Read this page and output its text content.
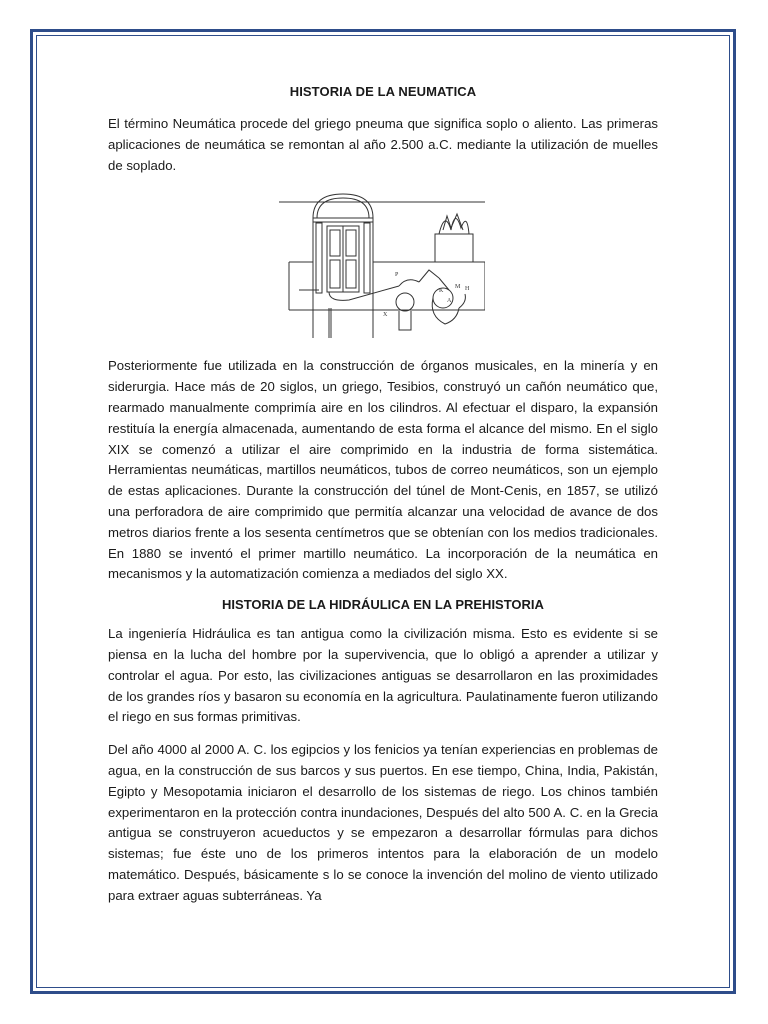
HISTORIA DE LA NEUMATICA

El término Neumática procede del griego pneuma que significa soplo o aliento. Las primeras aplicaciones de neumática se remontan al año 2.500 a.C. mediante la utilización de muelles de soplado.

P
M
X
A
K	H

Posteriormente fue utilizada en la construcción de órganos musicales, en la minería y en siderurgia. Hace más de 20 siglos, un griego, Tesibios, construyó un cañón neumático que, rearmado manualmente comprimía aire en los cilindros. Al efectuar el disparo, la expansión restituía la energía almacenada, aumentando de esta forma el alcance del mismo. En el siglo XIX se comenzó a utilizar el aire comprimido en la industria de forma sistemática. Herramientas neumáticas, martillos neumáticos, tubos de correo neumáticos, son un ejemplo de estas aplicaciones. Durante la construcción del túnel de Mont-Cenis, en 1857, se utilizó una perforadora de aire comprimido que permitía alcanzar una velocidad de avance de dos metros diarios frente a los sesenta centímetros que se obtenían con los medios tradicionales. En 1880 se inventó el primer martillo neumático. La incorporación de la neumática en mecanismos y la automatización comienza a mediados del siglo XX.

HISTORIA DE LA HIDRÁULICA EN LA PREHISTORIA

La ingeniería Hidráulica es tan antigua como la civilización misma. Esto es evidente si se piensa en la lucha del hombre por la supervivencia, que lo obligó a aprender a utilizar y controlar el agua. Por esto, las civilizaciones antiguas se desarrollaron en las proximidades de los grandes ríos y basaron su economía en la agricultura. Paulatinamente fueron utilizando el riego en sus formas primitivas.

Del año 4000 al 2000 A. C. los egipcios y los fenicios ya tenían experiencias en problemas de agua, en la construcción de sus barcos y sus puertos. En ese tiempo, China, India, Pakistán, Egipto y Mesopotamia iniciaron el desarrollo de los sistemas de riego. Los chinos también experimentaron en la protección contra inundaciones, Después del alto 500 A. C. en la Grecia antigua se construyeron acueductos y se empezaron a desarrollar fórmulas para dichos sistemas; fue éste uno de los primeros intentos para la elaboración de un modelo matemático. Después, básicamente s lo se conoce la invención del molino de viento utilizado para extraer aguas subterráneas. Ya
